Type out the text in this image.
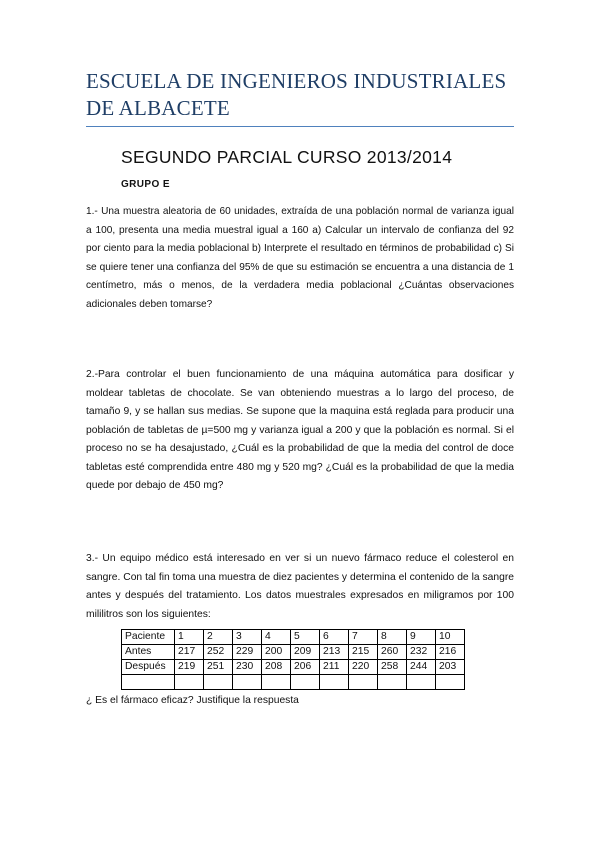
ESCUELA DE INGENIEROS INDUSTRIALES
DE ALBACETE
SEGUNDO PARCIAL CURSO 2013/2014
GRUPO E
1.- Una muestra aleatoria de 60 unidades, extraída de una población normal de varianza igual a 100, presenta una media muestral igual a 160 a) Calcular un intervalo de confianza del 92 por ciento para la media poblacional b) Interprete el resultado en términos de probabilidad c) Si se quiere tener una confianza del 95% de que su estimación se encuentra a una distancia de 1 centímetro, más o menos, de la verdadera media poblacional ¿Cuántas observaciones adicionales deben tomarse?
2.-Para controlar el buen funcionamiento de una máquina automática para dosificar y moldear tabletas de chocolate. Se van obteniendo muestras a lo largo del proceso, de tamaño 9, y se hallan sus medias. Se supone que la maquina está reglada para producir una población de tabletas de µ=500 mg y varianza igual a 200 y que la población es normal. Si el proceso no se ha desajustado, ¿Cuál es la probabilidad de que la media del control de doce tabletas esté comprendida entre 480 mg y 520 mg? ¿Cuál es la probabilidad de que la media quede por debajo de 450 mg?
3.- Un equipo médico está interesado en ver si un nuevo fármaco reduce el colesterol en sangre. Con tal fin toma una muestra de diez pacientes y determina el contenido de la sangre antes y después del tratamiento. Los datos muestrales expresados en miligramos por 100 mililitros son los siguientes:
Paciente	1	2	3	4	5	6	7	8	9	10
Antes	217	252	229	200	209	213	215	260	232	216
Después	219	251	230	208	206	211	220	258	244	203

¿ Es el fármaco eficaz? Justifique la respuesta
